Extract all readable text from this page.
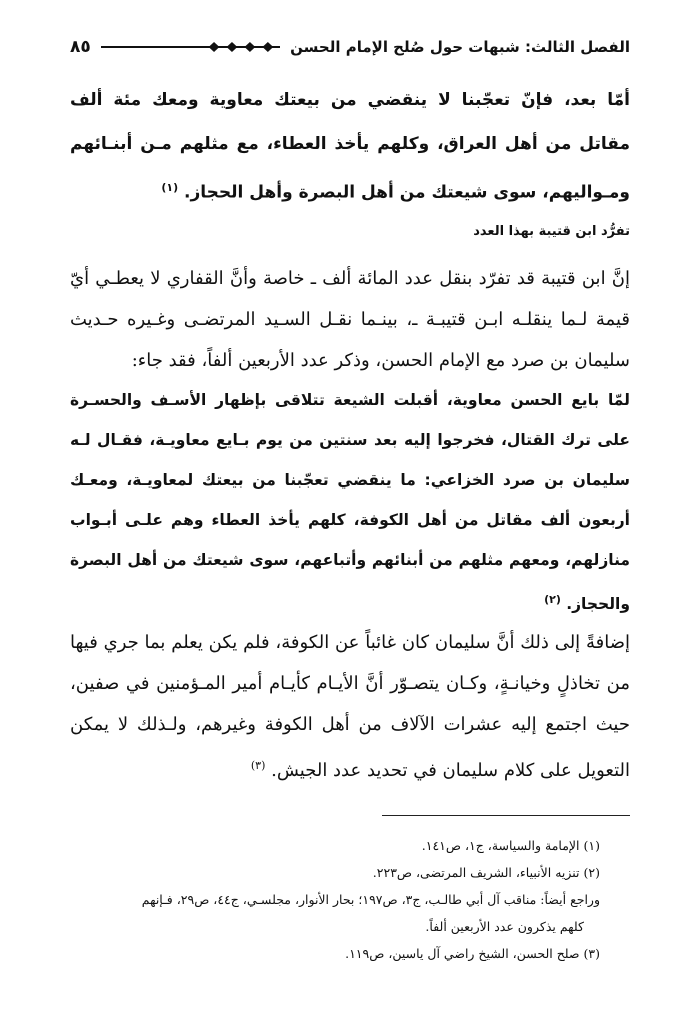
الفصل الثالث: شبهات حول صُلح الإمام الحسن
٨٥
أمّا بعد، فإنّ تعجّبنا لا ينقضي من بيعتك معاوية ومعك مئة ألف مقاتل من أهل العراق، وكلهم يأخذ العطاء، مع مثلهم مـن أبنـائهم ومـواليهم، سوى شيعتك من أهل البصرة وأهل الحجاز. $^{(١)}$
تفرُّد ابن قتيبة بهذا العدد
إنَّ ابن قتيبة قد تفرّد بنقل عدد المائة ألف ـ خاصة وأنَّ القفاري لا يعطـي أيّ قيمة لـما ينقلـه ابـن قتيبـة ـ، بينـما نقـل السـيد المرتضـى وغـيره حـديث سليمان بن صرد مع الإمام الحسن، وذكر عدد الأربعين ألفاً، فقد جاء:
لمّا بايع الحسن معاوية، أقبلت الشيعة تتلاقى بإظهار الأسـف والحسـرة على ترك القتال، فخرجوا إليه بعد سنتين من يوم بـايع معاويـة، فقـال لـه سليمان بن صرد الخزاعي: ما ينقضي تعجّبنا من بيعتك لمعاويـة، ومعـك أربعون ألف مقاتل من أهل الكوفة، كلهم يأخذ العطاء وهم علـى أبـواب منازلهم، ومعهم مثلهم من أبنائهم وأتباعهم، سوى شيعتك من أهل البصرة والحجاز. $^{(٢)}$
إضافةً إلى ذلك أنَّ سليمان كان غائباً عن الكوفة، فلم يكن يعلم بما جري فيها من تخاذلٍ وخيانـةٍ، وكـان يتصـوّر أنَّ الأيـام كأيـام أمير المـؤمنين في صفين، حيث اجتمع إليه عشرات الآلاف من أهل الكوفة وغيرهم، ولـذلك لا يمكن التعويل على كلام سليمان في تحديد عدد الجيش. $^{(٣)}$

(١) الإمامة والسياسة، ج١، ص١٤١.

(٢) تنزيه الأنبياء، الشريف المرتضى، ص٢٢٣.

وراجع أيضاً: مناقب آل أبي طالـب، ج٣، ص١٩٧؛ بحار الأنوار، مجلسـي، ج٤٤، ص٢٩، فـإنهم

كلهم يذكرون عدد الأربعين ألفاً.

(٣) صلح الحسن، الشيخ راضي آل ياسين، ص١١٩.
